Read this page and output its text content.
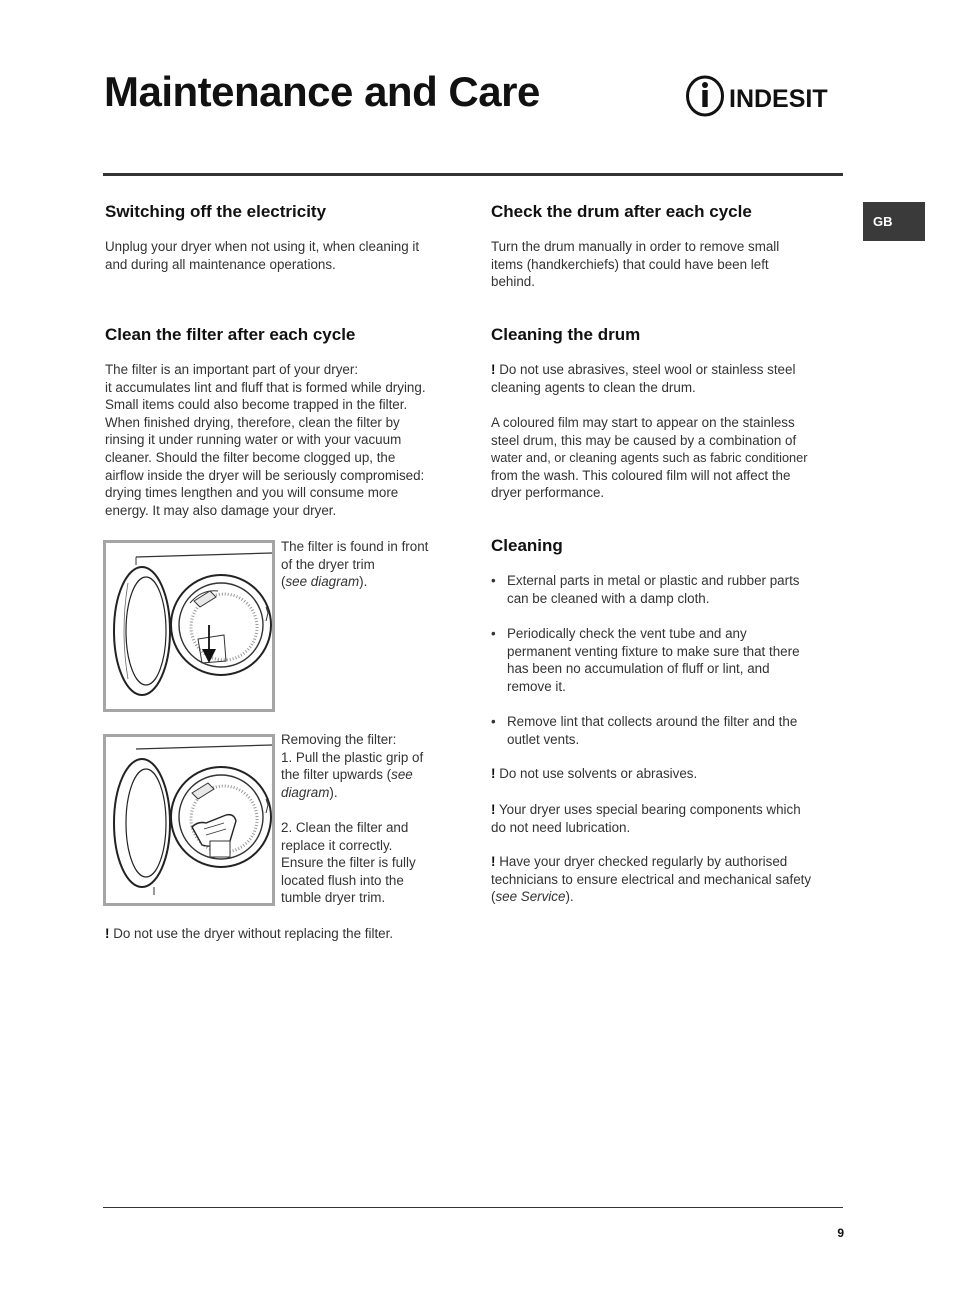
Maintenance and Care	INDESIT
GB
Switching off the electricity

Unplug your dryer when not using it, when cleaning it
and during all maintenance operations.

Clean the filter after each cycle

The filter is an important part of your dryer:
it accumulates lint and fluff that is formed while drying.
Small items could also become trapped in the filter.
When finished drying, therefore, clean the filter by
rinsing it under running water or with your vacuum
cleaner. Should the filter become clogged up, the
airflow inside the dryer will be seriously compromised:
drying times lengthen and you will consume more
energy. It may also damage your dryer.

The filter is found in front
of the dryer trim
(see diagram).

Removing the filter:
1. Pull the plastic grip of
the filter upwards (see
diagram).

2. Clean the filter and
replace it correctly.
Ensure the filter is fully
located flush into the
tumble dryer trim.

! Do not use the dryer without replacing the filter.

Check the drum after each cycle

Turn the drum manually in order to remove small
items (handkerchiefs) that could have been left
behind.

Cleaning the drum

! Do not use abrasives, steel wool or stainless steel
cleaning agents to clean the drum.

A coloured film may start to appear on the stainless
steel drum, this may be caused by a combination of
water and, or cleaning agents such as fabric conditioner
from the wash. This coloured film will not affect the
dryer performance.

Cleaning
• External parts in metal or plastic and rubber parts
can be cleaned with a damp cloth.
• Periodically check the vent tube and any
permanent venting fixture to make sure that there
has been no accumulation of fluff or lint, and
remove it.
• Remove lint that collects around the filter and the
outlet vents.

! Do not use solvents or abrasives.

! Your dryer uses special bearing components which
do not need lubrication.

! Have your dryer checked regularly by authorised
technicians to ensure electrical and mechanical safety
(see Service).

9
